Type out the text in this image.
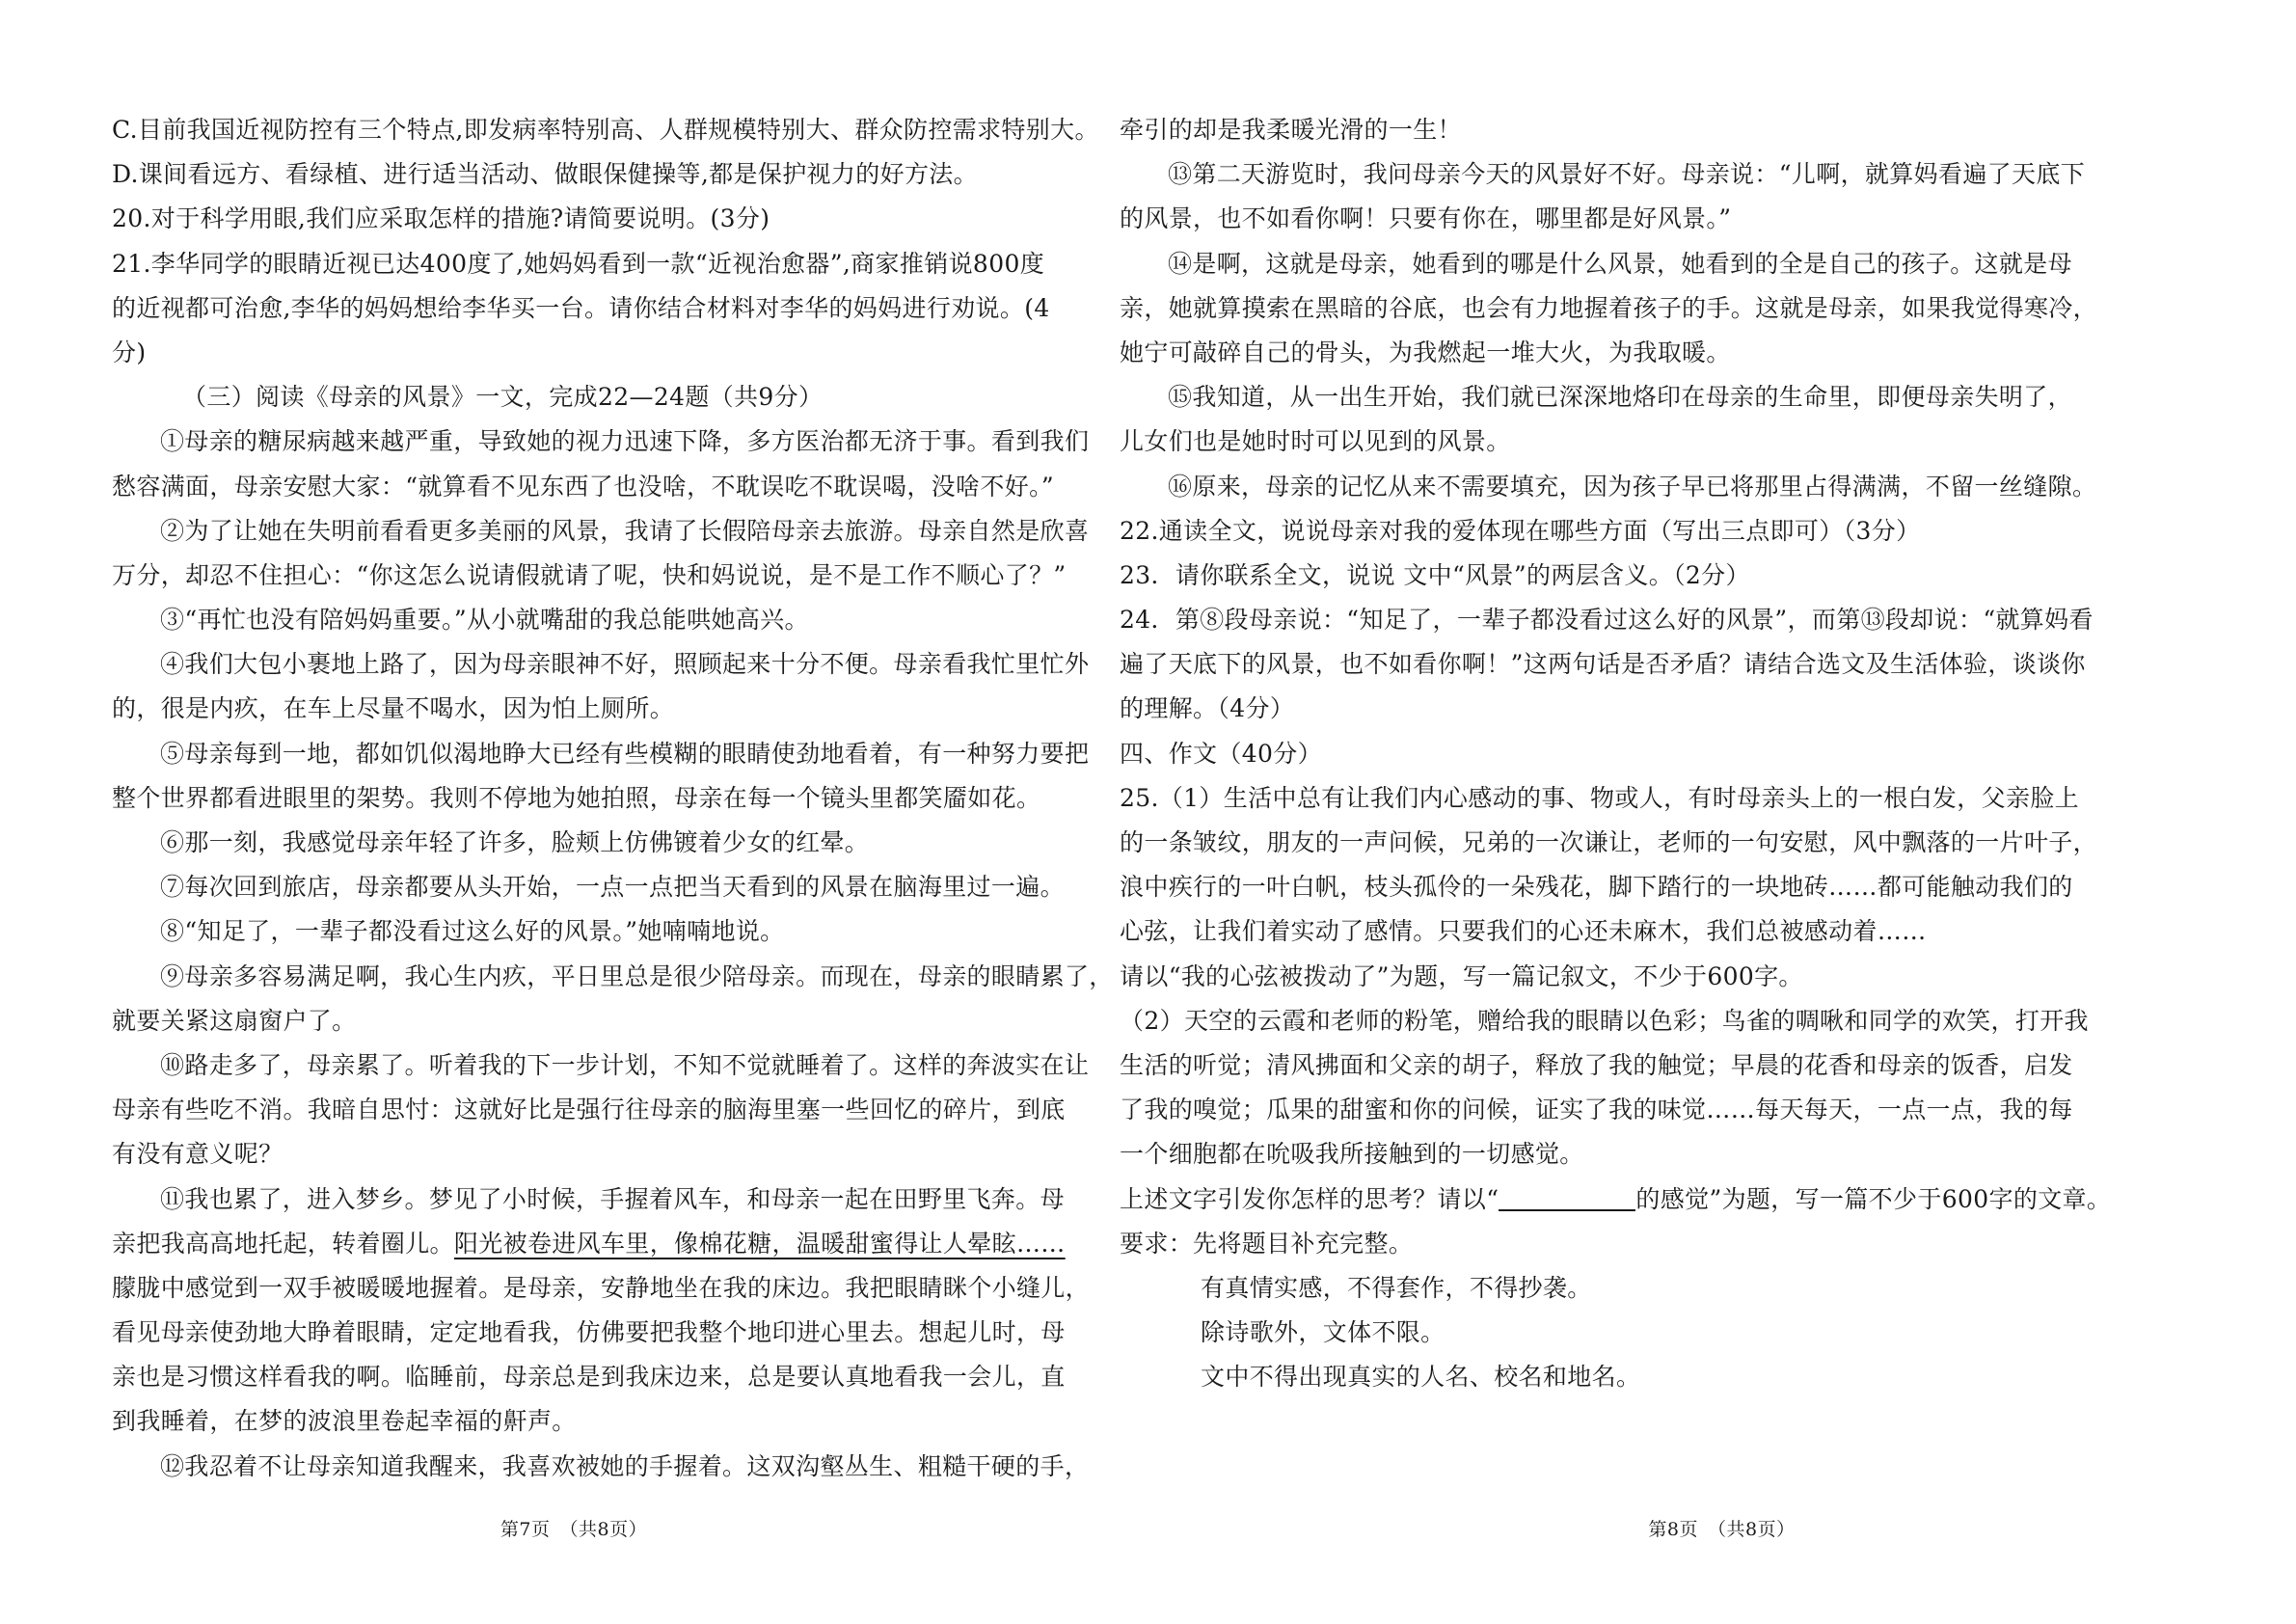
C.目前我国近视防控有三个特点,即发病率特别高、人群规模特别大、群众防控需求特别大。
D.课间看远方、看绿植、进行适当活动、做眼保健操等,都是保护视力的好方法。
20.对于科学用眼,我们应采取怎样的措施?请简要说明。(3分)
21.李华同学的眼睛近视已达400度了,她妈妈看到一款“近视治愈器”,商家推销说800度
的近视都可治愈,李华的妈妈想给李华买一台。请你结合材料对李华的妈妈进行劝说。(4
分)
（三）阅读《母亲的风景》一文，完成22—24题（共9分）
①母亲的糖尿病越来越严重，导致她的视力迅速下降，多方医治都无济于事。看到我们
愁容满面，母亲安慰大家：“就算看不见东西了也没啥，不耽误吃不耽误喝，没啥不好。”
②为了让她在失明前看看更多美丽的风景，我请了长假陪母亲去旅游。母亲自然是欣喜
万分，却忍不住担心：“你这怎么说请假就请了呢，快和妈说说，是不是工作不顺心了？”
③“再忙也没有陪妈妈重要。”从小就嘴甜的我总能哄她高兴。
④我们大包小裹地上路了，因为母亲眼神不好，照顾起来十分不便。母亲看我忙里忙外
的，很是内疚，在车上尽量不喝水，因为怕上厕所。
⑤母亲每到一地，都如饥似渴地睁大已经有些模糊的眼睛使劲地看着，有一种努力要把
整个世界都看进眼里的架势。我则不停地为她拍照，母亲在每一个镜头里都笑靥如花。
⑥那一刻，我感觉母亲年轻了许多，脸颊上仿佛镀着少女的红晕。
⑦每次回到旅店，母亲都要从头开始，一点一点把当天看到的风景在脑海里过一遍。
⑧“知足了，一辈子都没看过这么好的风景。”她喃喃地说。
⑨母亲多容易满足啊，我心生内疚，平日里总是很少陪母亲。而现在，母亲的眼睛累了，
就要关紧这扇窗户了。
⑩路走多了，母亲累了。听着我的下一步计划，不知不觉就睡着了。这样的奔波实在让
母亲有些吃不消。我暗自思忖：这就好比是强行往母亲的脑海里塞一些回忆的碎片，到底
有没有意义呢？
⑪我也累了，进入梦乡。梦见了小时候，手握着风车，和母亲一起在田野里飞奔。母
亲把我高高地托起，转着圈儿。阳光被卷进风车里，像棉花糖，温暖甜蜜得让人晕眩……
朦胧中感觉到一双手被暖暖地握着。是母亲，安静地坐在我的床边。我把眼睛眯个小缝儿，
看见母亲使劲地大睁着眼睛，定定地看我，仿佛要把我整个地印进心里去。想起儿时，母
亲也是习惯这样看我的啊。临睡前，母亲总是到我床边来，总是要认真地看我一会儿，直
到我睡着，在梦的波浪里卷起幸福的鼾声。
⑫我忍着不让母亲知道我醒来，我喜欢被她的手握着。这双沟壑丛生、粗糙干硬的手，
牵引的却是我柔暖光滑的一生！
⑬第二天游览时，我问母亲今天的风景好不好。母亲说：“儿啊，就算妈看遍了天底下
的风景，也不如看你啊！只要有你在，哪里都是好风景。”
⑭是啊，这就是母亲，她看到的哪是什么风景，她看到的全是自己的孩子。这就是母
亲，她就算摸索在黑暗的谷底，也会有力地握着孩子的手。这就是母亲，如果我觉得寒冷，
她宁可敲碎自己的骨头，为我燃起一堆大火，为我取暖。
⑮我知道，从一出生开始，我们就已深深地烙印在母亲的生命里，即便母亲失明了，
儿女们也是她时时可以见到的风景。
⑯原来，母亲的记忆从来不需要填充，因为孩子早已将那里占得满满，不留一丝缝隙。
22.通读全文，说说母亲对我的爱体现在哪些方面（写出三点即可）（3分）
23．请你联系全文，说说 文中“风景”的两层含义。（2分）
24．第⑧段母亲说：“知足了，一辈子都没看过这么好的风景”，而第⑬段却说：“就算妈看
遍了天底下的风景，也不如看你啊！”这两句话是否矛盾？请结合选文及生活体验，谈谈你
的理解。（4分）
四、作文（40分）
25.（1）生活中总有让我们内心感动的事、物或人，有时母亲头上的一根白发，父亲脸上
的一条皱纹，朋友的一声问候，兄弟的一次谦让，老师的一句安慰，风中飘落的一片叶子，
浪中疾行的一叶白帆，枝头孤伶的一朵残花，脚下踏行的一块地砖……都可能触动我们的
心弦，让我们着实动了感情。只要我们的心还未麻木，我们总被感动着……
请以“我的心弦被拨动了”为题，写一篇记叙文，不少于600字。
（2）天空的云霞和老师的粉笔，赠给我的眼睛以色彩；鸟雀的啁啾和同学的欢笑，打开我
生活的听觉；清风拂面和父亲的胡子，释放了我的触觉；早晨的花香和母亲的饭香，启发
了我的嗅觉；瓜果的甜蜜和你的问候，证实了我的味觉……每天每天，一点一点，我的每
一个细胞都在吮吸我所接触到的一切感觉。
上述文字引发你怎样的思考？请以“	的感觉”为题，写一篇不少于600字的文章。
要求：先将题目补充完整。
有真情实感，不得套作，不得抄袭。
除诗歌外，文体不限。
文中不得出现真实的人名、校名和地名。
第7页　（共8页）	第8页　（共8页）
